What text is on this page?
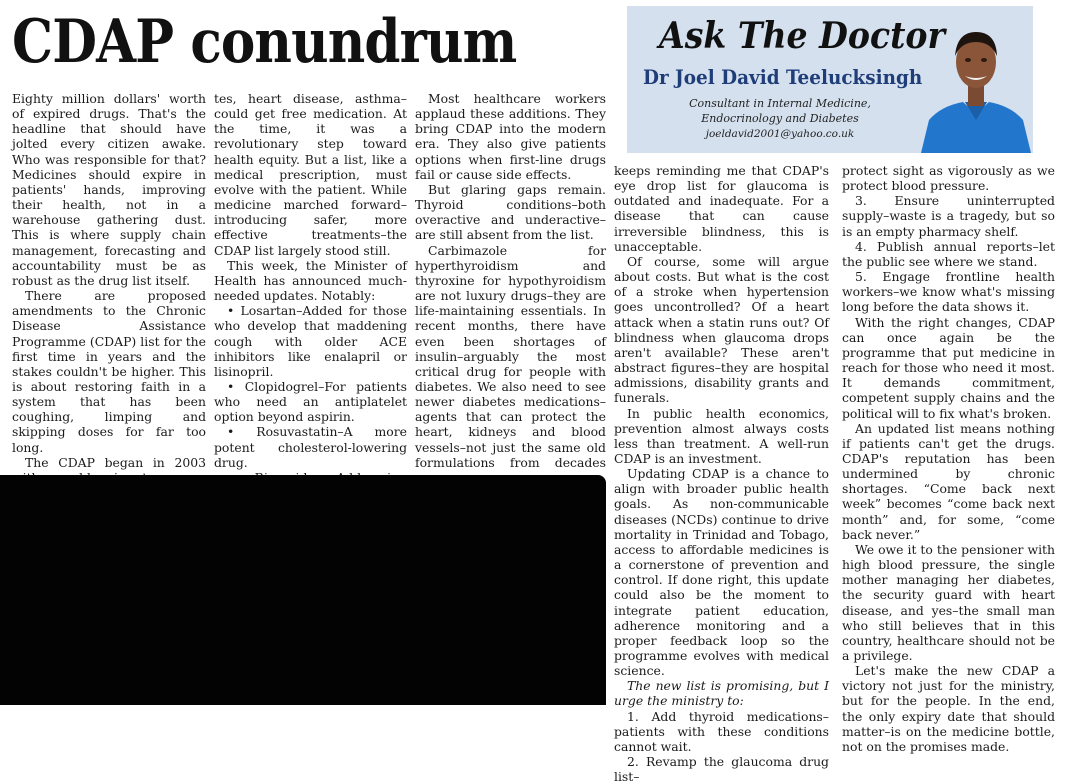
CDAP conundrum	Ask The Doctor
Dr Joel David Teelucksingh
Consultant in Internal Medicine,
Endocrinology and Diabetes
joeldavid2001@yahoo.co.uk

Eighty million dollars' worth of expired drugs. That's the headline that should have jolted every citizen awake. Who was responsible for that? Medicines should expire in patients' hands, improving their health, not in a warehouse gathering dust. This is where supply chain management, forecasting and accountability must be as robust as the drug list itself.

There are proposed amendments to the Chronic Disease Assistance Programme (CDAP) list for the first time in years and the stakes couldn't be higher. This is about restoring faith in a system that has been coughing, limping and skipping doses for far too long.

The CDAP began in 2003

tes, heart disease, asthma–could get free medication. At the time, it was a revolutionary step toward health equity. But a list, like a medical prescription, must evolve with the patient. While medicine marched forward–introducing safer, more effective treatments–the CDAP list largely stood still.

This week, the Minister of Health has announced much-needed updates. Notably:

• Losartan–Added for those who develop that maddening cough with older ACE inhibitors like enalapril or lisinopril.

• Clopidogrel–For patients who need an antiplatelet option beyond aspirin.

• Rosuvastatin–A more potent cholesterol-lowering drug.

Most healthcare workers applaud these additions. They bring CDAP into the modern era. They also give patients options when first-line drugs fail or cause side effects.

But glaring gaps remain. Thyroid conditions–both overactive and underactive–are still absent from the list.

Carbimazole for hyperthyroidism and thyroxine for hypothyroidism are not luxury drugs–they are life-maintaining essentials. In recent months, there have even been shortages of insulin–arguably the most critical drug for people with diabetes. We also need to see newer diabetes medications–agents that can protect the heart, kidneys and blood vessels–not just the same old formulations from decades

keeps reminding me that CDAP's eye drop list for glaucoma is outdated and inadequate. For a disease that can cause irreversible blindness, this is unacceptable.

Of course, some will argue about costs. But what is the cost of a stroke when hypertension goes uncontrolled? Of a heart attack when a statin runs out? Of blindness when glaucoma drops aren't available? These aren't abstract figures–they are hospital admissions, disability grants and funerals.

In public health economics, prevention almost always costs less than treatment. A well-run CDAP is an investment.

Updating CDAP is a chance to align with broader public health goals. As non-communicable diseases (NCDs) continue to drive mortality in Trinidad and Tobago, access to affordable medicines is a cornerstone of prevention and control. If done right, this update could also be the moment to integrate patient education, adherence monitoring and a proper feedback loop so the programme evolves with medical science.

The new list is promising, but I urge the ministry to:

1. Add thyroid medications–patients with these conditions cannot wait.

2. Revamp the glaucoma drug list–

protect sight as vigorously as we protect blood pressure.

3. Ensure uninterrupted supply–waste is a tragedy, but so is an empty pharmacy shelf.

4. Publish annual reports–let the public see where we stand.

5. Engage frontline health workers–we know what's missing long before the data shows it.

With the right changes, CDAP can once again be the programme that put medicine in reach for those who need it most. It demands commitment, competent supply chains and the political will to fix what's broken.

An updated list means nothing if patients can't get the drugs. CDAP's reputation has been undermined by chronic shortages. “Come back next week” becomes “come back next month” and, for some, “come back never.”

We owe it to the pensioner with high blood pressure, the single mother managing her diabetes, the security guard with heart disease, and yes–the small man who still believes that in this country, healthcare should not be a privilege.

Let's make the new CDAP a victory not just for the ministry, but for the people. In the end, the only expiry date that should matter–is on the medicine bottle, not on the promises made.
